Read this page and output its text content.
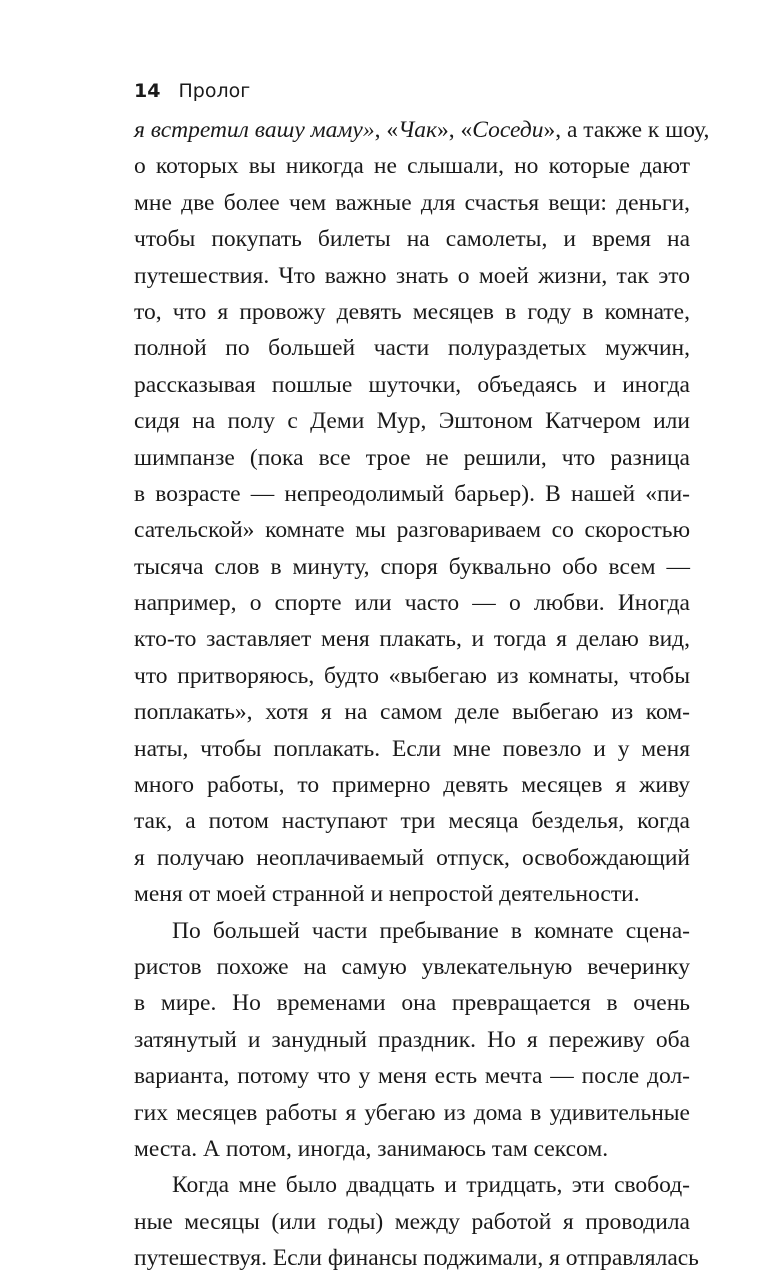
14 Пролог
я встретил вашу маму», «Чак», «Соседи», а также к шоу,
о которых вы никогда не слышали, но которые дают
мне две более чем важные для счастья вещи: деньги,
чтобы покупать билеты на самолеты, и время на
путешествия. Что важно знать о моей жизни, так это
то, что я провожу девять месяцев в году в комнате,
полной по большей части полураздетых мужчин,
рассказывая пошлые шуточки, объедаясь и иногда
сидя на полу с Деми Мур, Эштоном Катчером или
шимпанзе (пока все трое не решили, что разница
в возрасте — непреодолимый барьер). В нашей «пи-
сательской» комнате мы разговариваем со скоростью
тысяча слов в минуту, споря буквально обо всем —
например, о спорте или часто — о любви. Иногда
кто-то заставляет меня плакать, и тогда я делаю вид,
что притворяюсь, будто «выбегаю из комнаты, чтобы
поплакать», хотя я на самом деле выбегаю из ком-
наты, чтобы поплакать. Если мне повезло и у меня
много работы, то примерно девять месяцев я живу
так, а потом наступают три месяца безделья, когда
я получаю неоплачиваемый отпуск, освобождающий
меня от моей странной и непростой деятельности.
По большей части пребывание в комнате сцена-
ристов похоже на самую увлекательную вечеринку
в мире. Но временами она превращается в очень
затянутый и занудный праздник. Но я переживу оба
варианта, потому что у меня есть мечта — после дол-
гих месяцев работы я убегаю из дома в удивительные
места. А потом, иногда, занимаюсь там сексом.
Когда мне было двадцать и тридцать, эти свобод-
ные месяцы (или годы) между работой я проводила
путешествуя. Если финансы поджимали, я отправлялась
